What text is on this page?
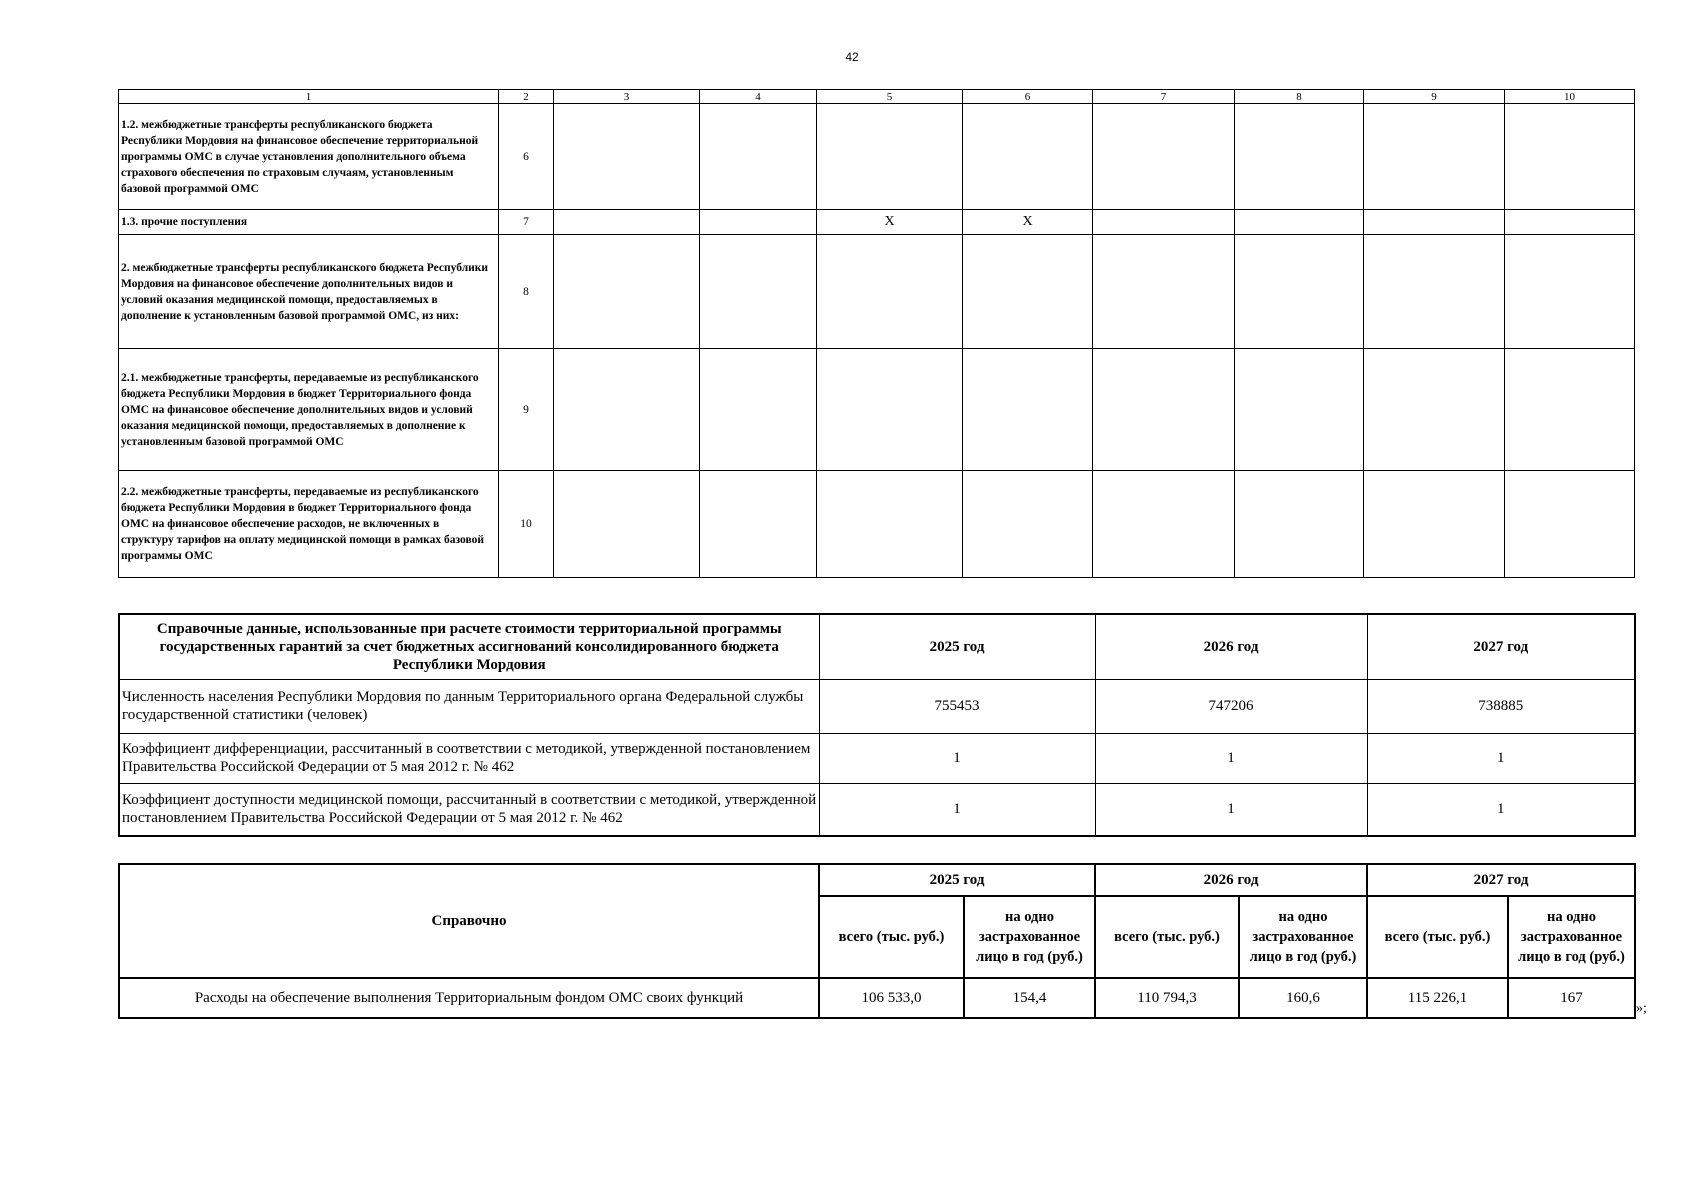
42
1	2	3	4	5	6	7	8	9	10
1.2. межбюджетные трансферты республиканского бюджета Республики Мордовия на финансовое обеспечение территориальной программы ОМС в случае установления дополнительного объема страхового обеспечения по страховым случаям, установленным базовой программой ОМС	6								
1.3. прочие поступления	7			X	X				
2. межбюджетные трансферты республиканского бюджета Республики Мордовия на финансовое обеспечение дополнительных видов и условий оказания медицинской помощи, предоставляемых в дополнение к установленным базовой программой ОМС, из них:	8								
2.1. межбюджетные трансферты, передаваемые из республиканского бюджета Республики Мордовия в бюджет Территориального фонда ОМС на финансовое обеспечение дополнительных видов и условий оказания медицинской помощи, предоставляемых в дополнение к установленным базовой программой ОМС	9								
2.2. межбюджетные трансферты, передаваемые из республиканского бюджета Республики Мордовия в бюджет Территориального фонда ОМС на финансовое обеспечение расходов, не включенных в структуру тарифов на оплату медицинской помощи в рамках базовой программы ОМС	10								
Справочные данные, использованные при расчете стоимости территориальной программы государственных гарантий за счет бюджетных ассигнований консолидированного бюджета Республики Мордовия	2025 год	2026 год	2027 год
Численность населения Республики Мордовия по данным Территориального органа Федеральной службы государственной статистики (человек)	755453	747206	738885
Коэффициент дифференциации, рассчитанный в соответствии с методикой, утвержденной постановлением Правительства Российской Федерации от 5 мая 2012 г. № 462	1	1	1
Коэффициент доступности медицинской помощи, рассчитанный в соответствии с методикой, утвержденной постановлением Правительства Российской Федерации от 5 мая 2012 г. № 462	1	1	1
Справочно	2025 год		2026 год		2027 год	
	всего (тыс. руб.)	на одно застрахованное лицо в год (руб.)	всего (тыс. руб.)	на одно застрахованное лицо в год (руб.)	всего (тыс. руб.)	на одно застрахованное лицо в год (руб.)
Расходы на обеспечение выполнения Территориальным фондом ОМС своих функций	106 533,0	154,4	110 794,3	160,6	115 226,1	167
»;
